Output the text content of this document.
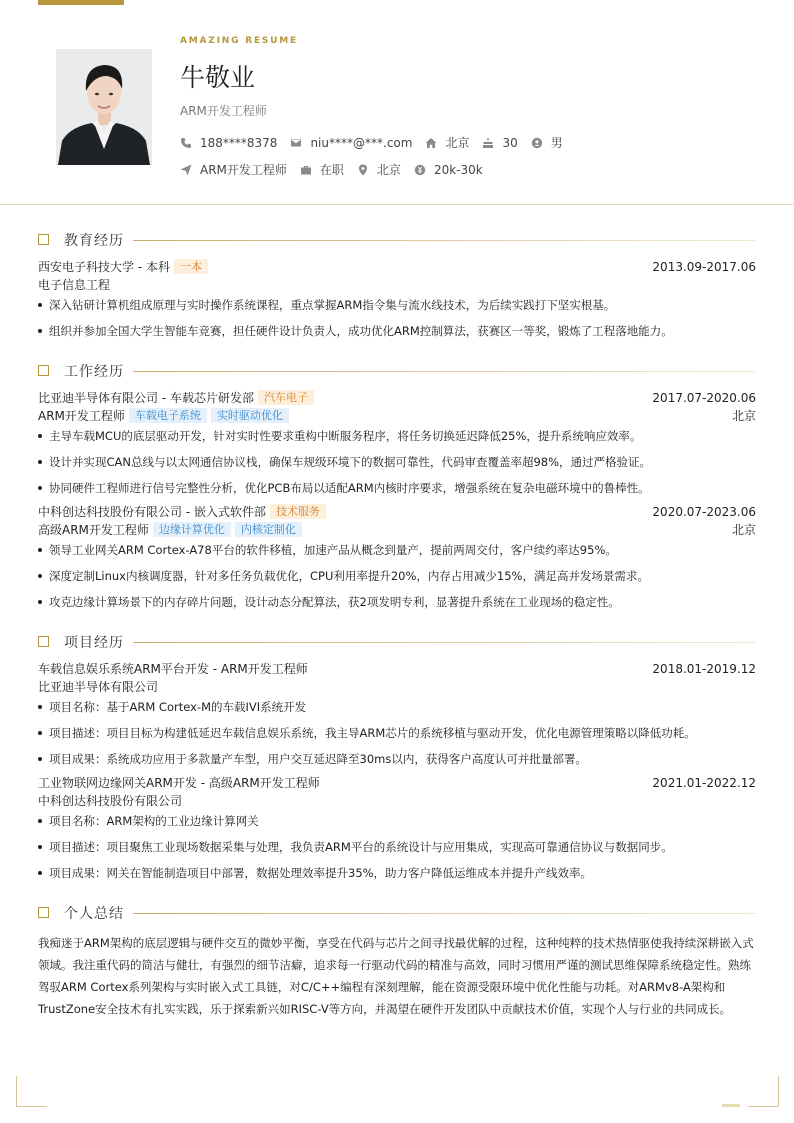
AMAZING RESUME
牛敬业
ARM开发工程师
188****8378	niu****@***.com	北京	30	男
ARM开发工程师	在职	北京	20k-30k
教育经历
西安电子科技大学 - 本科 一本	2013.09-2017.06
电子信息工程
深入钻研计算机组成原理与实时操作系统课程，重点掌握ARM指令集与流水线技术，为后续实践打下坚实根基。
组织并参加全国大学生智能车竞赛，担任硬件设计负责人，成功优化ARM控制算法，获赛区一等奖，锻炼了工程落地能力。
工作经历
比亚迪半导体有限公司 - 车载芯片研发部 汽车电子	2017.07-2020.06
ARM开发工程师 车载电子系统 实时驱动优化	北京
主导车载MCU的底层驱动开发，针对实时性要求重构中断服务程序，将任务切换延迟降低25%，提升系统响应效率。
设计并实现CAN总线与以太网通信协议栈，确保车规级环境下的数据可靠性，代码审查覆盖率超98%，通过严格验证。
协同硬件工程师进行信号完整性分析，优化PCB布局以适配ARM内核时序要求，增强系统在复杂电磁环境中的鲁棒性。
中科创达科技股份有限公司 - 嵌入式软件部 技术服务	2020.07-2023.06
高级ARM开发工程师 边缘计算优化 内核定制化	北京
领导工业网关ARM Cortex-A78平台的软件移植，加速产品从概念到量产，提前两周交付，客户续约率达95%。
深度定制Linux内核调度器，针对多任务负载优化，CPU利用率提升20%，内存占用减少15%，满足高并发场景需求。
攻克边缘计算场景下的内存碎片问题，设计动态分配算法，获2项发明专利，显著提升系统在工业现场的稳定性。
项目经历
车载信息娱乐系统ARM平台开发 - ARM开发工程师	2018.01-2019.12
比亚迪半导体有限公司
项目名称：基于ARM Cortex-M的车载IVI系统开发
项目描述：项目目标为构建低延迟车载信息娱乐系统，我主导ARM芯片的系统移植与驱动开发，优化电源管理策略以降低功耗。
项目成果：系统成功应用于多款量产车型，用户交互延迟降至30ms以内，获得客户高度认可并批量部署。
工业物联网边缘网关ARM开发 - 高级ARM开发工程师	2021.01-2022.12
中科创达科技股份有限公司
项目名称：ARM架构的工业边缘计算网关
项目描述：项目聚焦工业现场数据采集与处理，我负责ARM平台的系统设计与应用集成，实现高可靠通信协议与数据同步。
项目成果：网关在智能制造项目中部署，数据处理效率提升35%，助力客户降低运维成本并提升产线效率。
个人总结
我痴迷于ARM架构的底层逻辑与硬件交互的微妙平衡，享受在代码与芯片之间寻找最优解的过程，这种纯粹的技术热情驱使我持续深耕嵌入式领域。我注重代码的简洁与健壮，有强烈的细节洁癖，追求每一行驱动代码的精准与高效，同时习惯用严谨的测试思维保障系统稳定性。熟练驾驭ARM Cortex系列架构与实时嵌入式工具链，对C/C++编程有深刻理解，能在资源受限环境中优化性能与功耗。对ARMv8-A架构和TrustZone安全技术有扎实实践，乐于探索新兴如RISC-V等方向，并渴望在硬件开发团队中贡献技术价值，实现个人与行业的共同成长。
